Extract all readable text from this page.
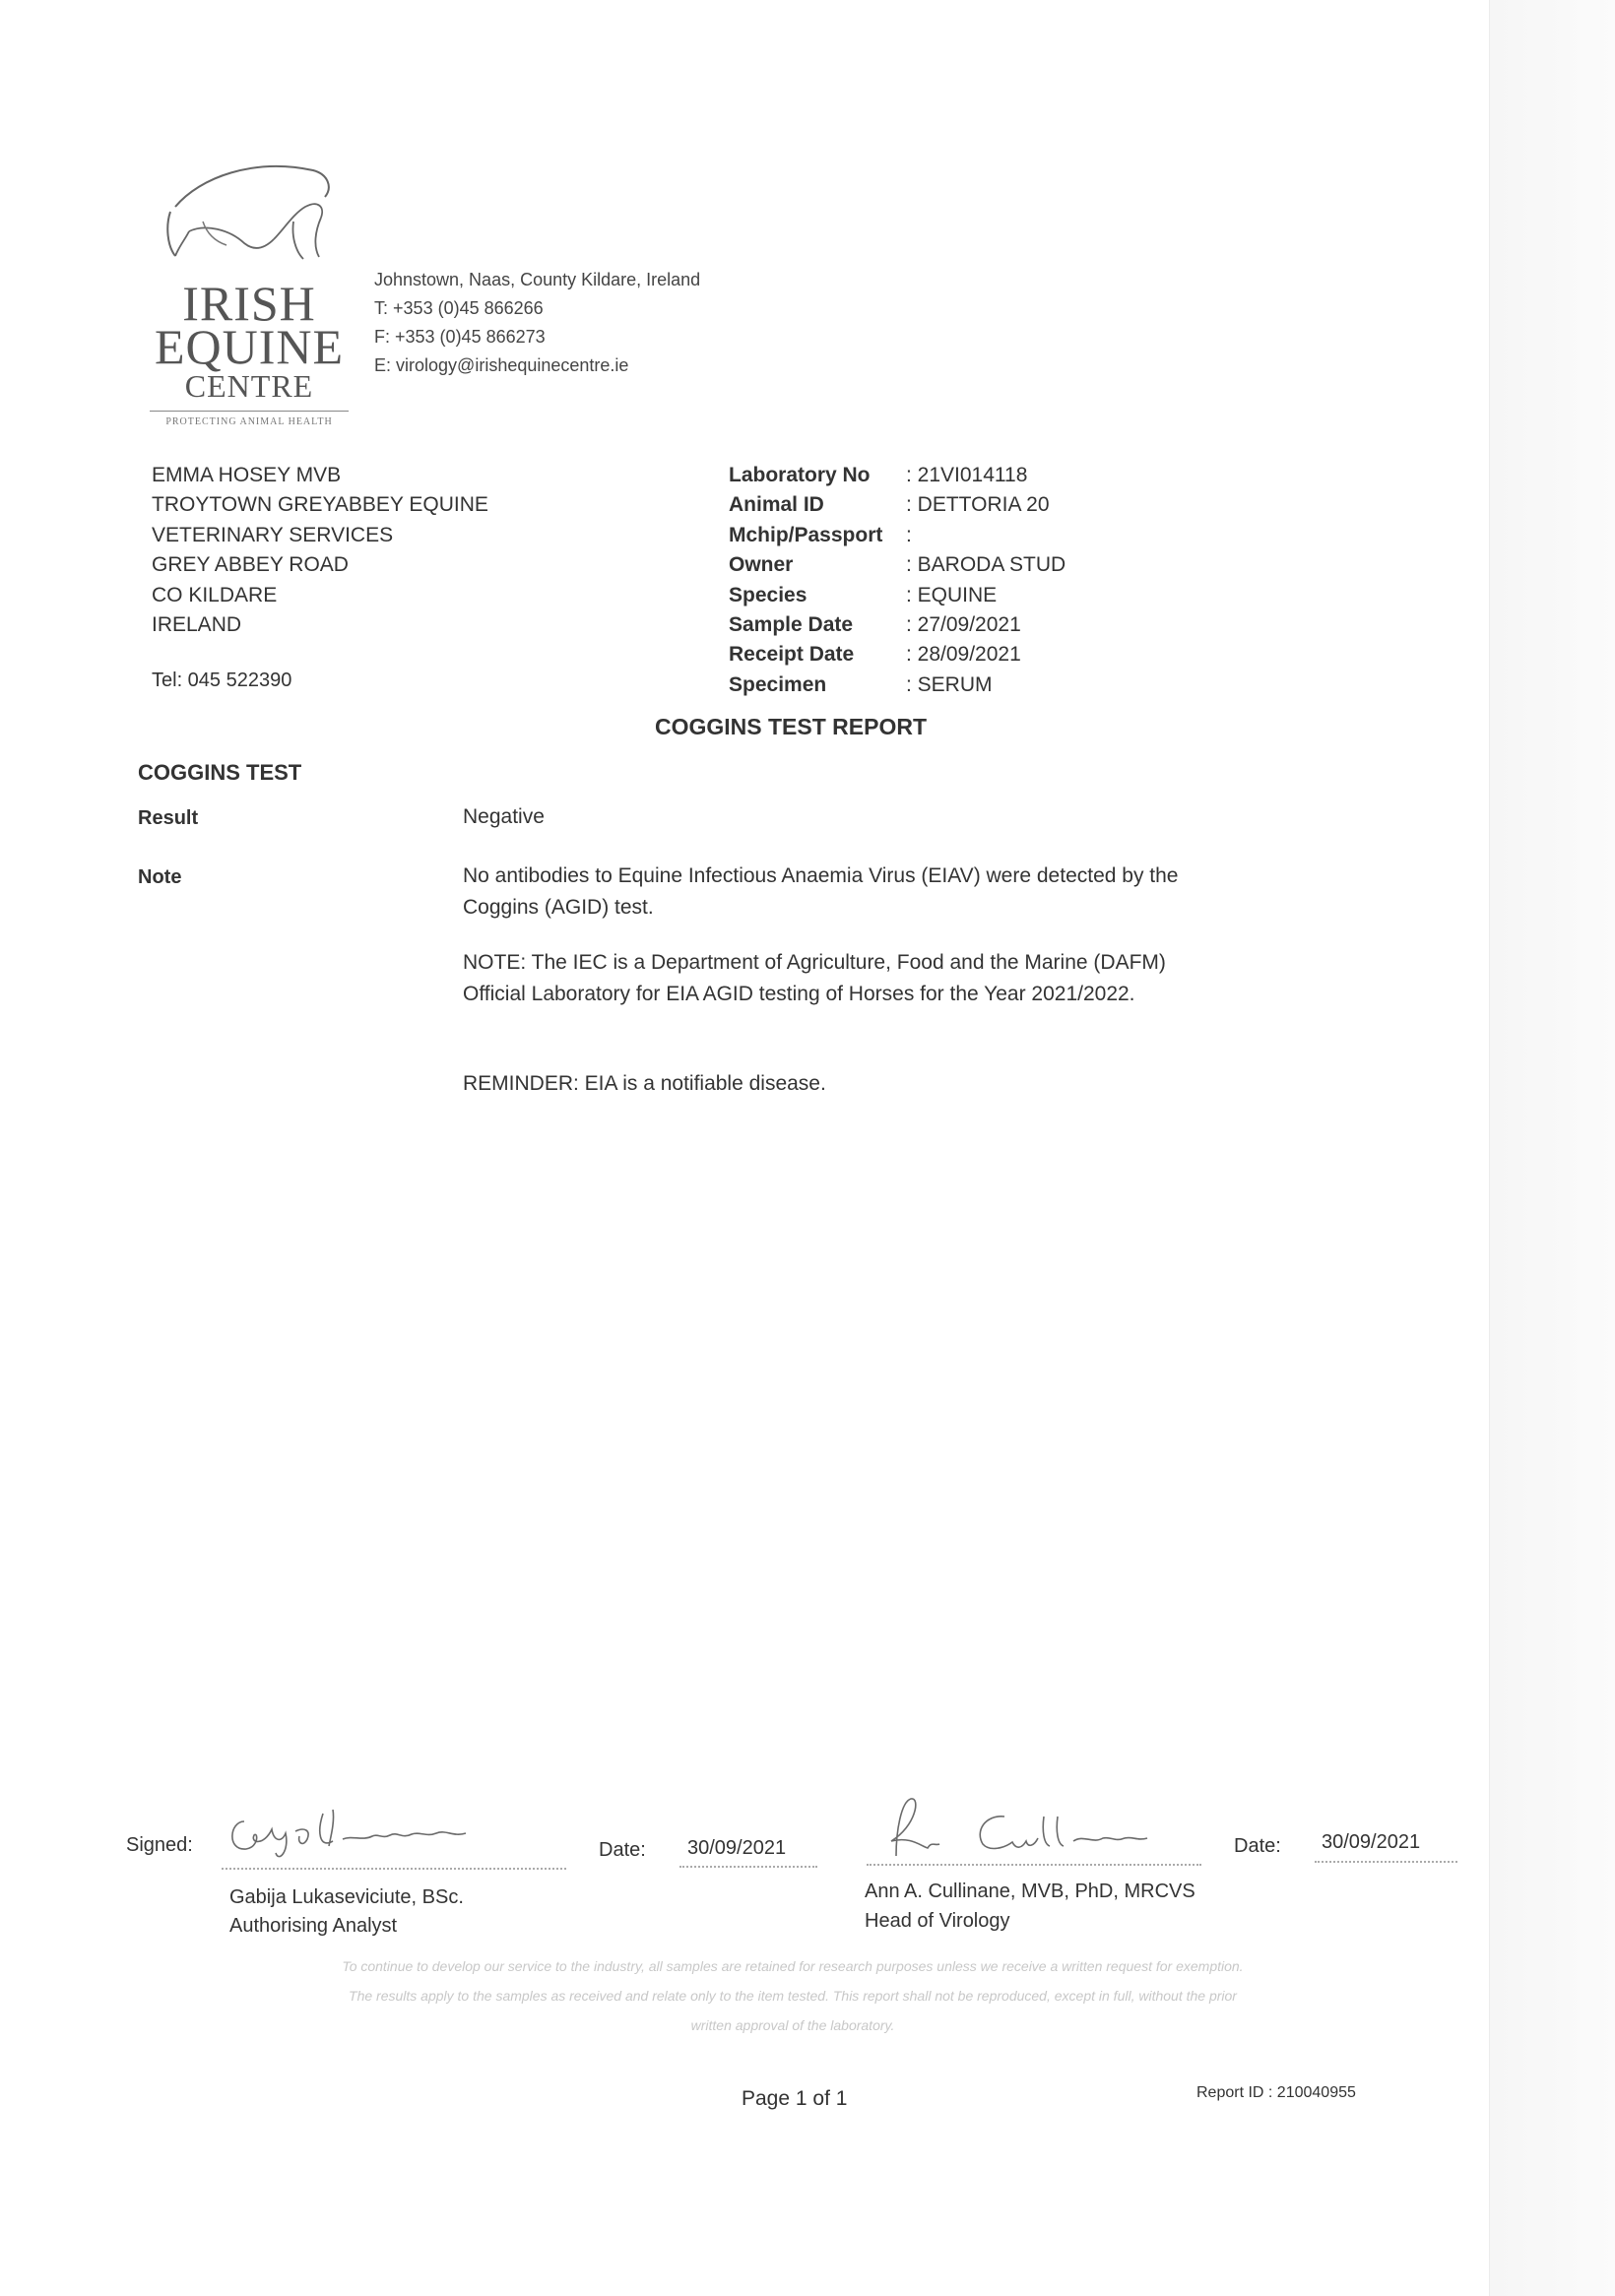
IRISH
EQUINE
CENTRE
PROTECTING ANIMAL HEALTH
Johnstown, Naas, County Kildare, Ireland
T: +353 (0)45 866266
F: +353 (0)45 866273
E: virology@irishequinecentre.ie
EMMA HOSEY MVB
TROYTOWN GREYABBEY EQUINE
VETERINARY SERVICES
GREY ABBEY ROAD
CO KILDARE
IRELAND
Tel: 045 522390
Laboratory No	: 21VI014118
Animal ID	: DETTORIA 20
Mchip/Passport	:
Owner	: BARODA STUD
Species	: EQUINE
Sample Date	: 27/09/2021
Receipt Date	: 28/09/2021
Specimen	: SERUM
COGGINS TEST REPORT
COGGINS TEST
Result	Negative
Note	No antibodies to Equine Infectious Anaemia Virus (EIAV) were detected by the Coggins (AGID) test.
NOTE: The IEC is a Department of Agriculture, Food and the Marine (DAFM) Official Laboratory for EIA AGID testing of Horses for the Year 2021/2022.
REMINDER: EIA is a notifiable disease.
Signed:	Date: 30/09/2021	Date: 30/09/2021
Gabija Lukaseviciute, BSc.
Authorising Analyst
Ann A. Cullinane, MVB, PhD, MRCVS
Head of Virology
To continue to develop our service to the industry, all samples are retained for research purposes unless we receive a written request for exemption.
The results apply to the samples as received and relate only to the item tested. This report shall not be reproduced, except in full, without the prior
written approval of the laboratory.
Page 1 of 1	Report ID : 210040955
